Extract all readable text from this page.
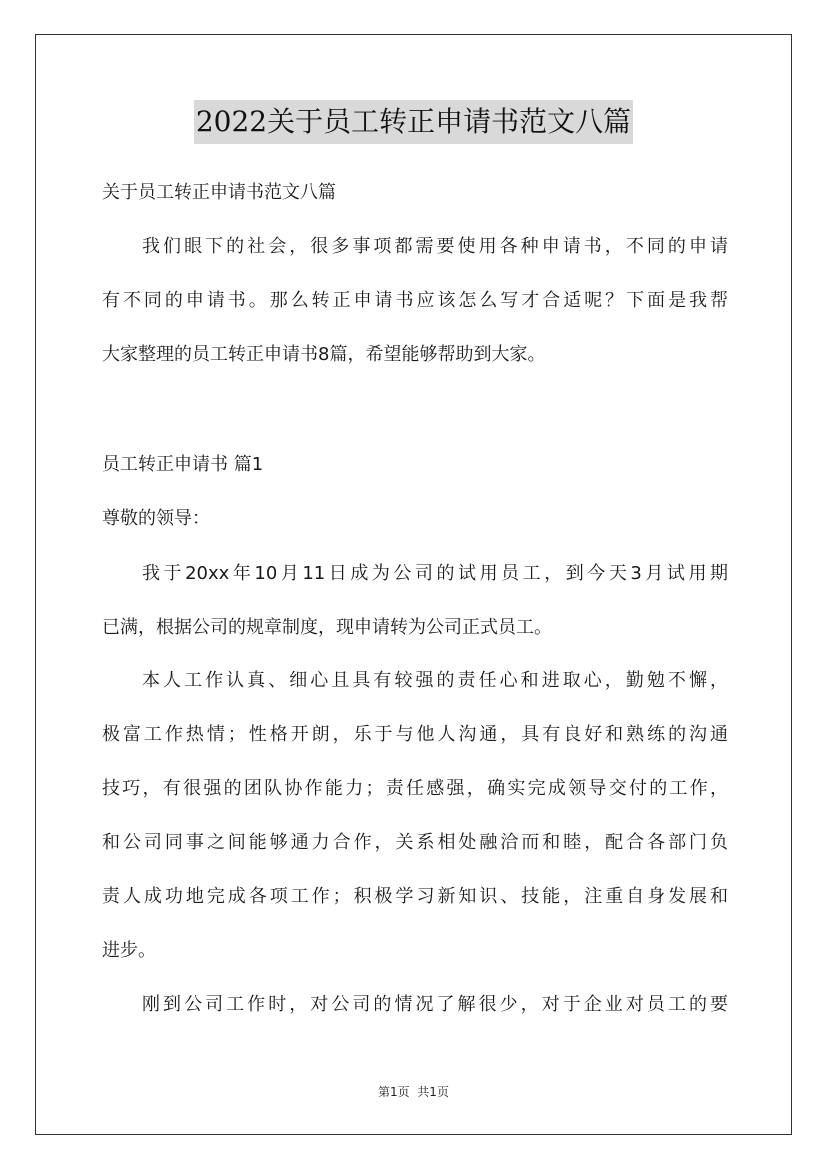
2022关于员工转正申请书范文八篇
关于员工转正申请书范文八篇
我们眼下的社会，很多事项都需要使用各种申请书，不同的申请
有不同的申请书。那么转正申请书应该怎么写才合适呢？下面是我帮
大家整理的员工转正申请书8篇，希望能够帮助到大家。
员工转正申请书 篇1
尊敬的领导：
我于20xx年10月11日成为公司的试用员工，到今天3月试用期
已满，根据公司的规章制度，现申请转为公司正式员工。
本人工作认真、细心且具有较强的责任心和进取心，勤勉不懈，
极富工作热情；性格开朗，乐于与他人沟通，具有良好和熟练的沟通
技巧，有很强的团队协作能力；责任感强，确实完成领导交付的工作，
和公司同事之间能够通力合作，关系相处融洽而和睦，配合各部门负
责人成功地完成各项工作；积极学习新知识、技能，注重自身发展和
进步。
刚到公司工作时，对公司的情况了解很少，对于企业对员工的要
第1页  共1页
